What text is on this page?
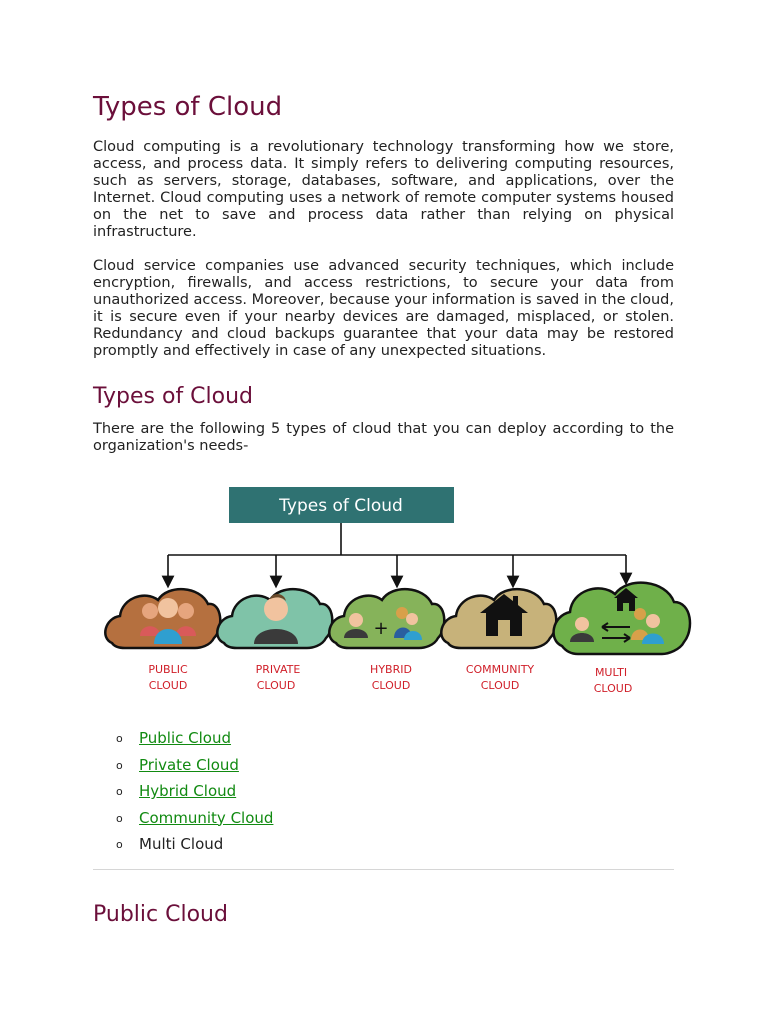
Types of Cloud

Cloud computing is a revolutionary technology transforming how we store, access, and process data. It simply refers to delivering computing resources, such as servers, storage, databases, software, and applications, over the Internet. Cloud computing uses a network of remote computer systems housed on the net to save and process data rather than relying on physical infrastructure.

Cloud service companies use advanced security techniques, which include encryption, firewalls, and access restrictions, to secure your data from unauthorized access. Moreover, because your information is saved in the cloud, it is secure even if your nearby devices are damaged, misplaced, or stolen. Redundancy and cloud backups guarantee that your data may be restored promptly and effectively in case of any unexpected situations.

Types of Cloud

There are the following 5 types of cloud that you can deploy according to the organization's needs-

Types of Cloud
+
PUBLIC
CLOUD
PRIVATE
CLOUD
HYBRID
CLOUD
COMMUNITY
CLOUD
MULTI
CLOUD
o Public Cloud
o Private Cloud
o Hybrid Cloud
o Community Cloud
o Multi Cloud
Public Cloud
